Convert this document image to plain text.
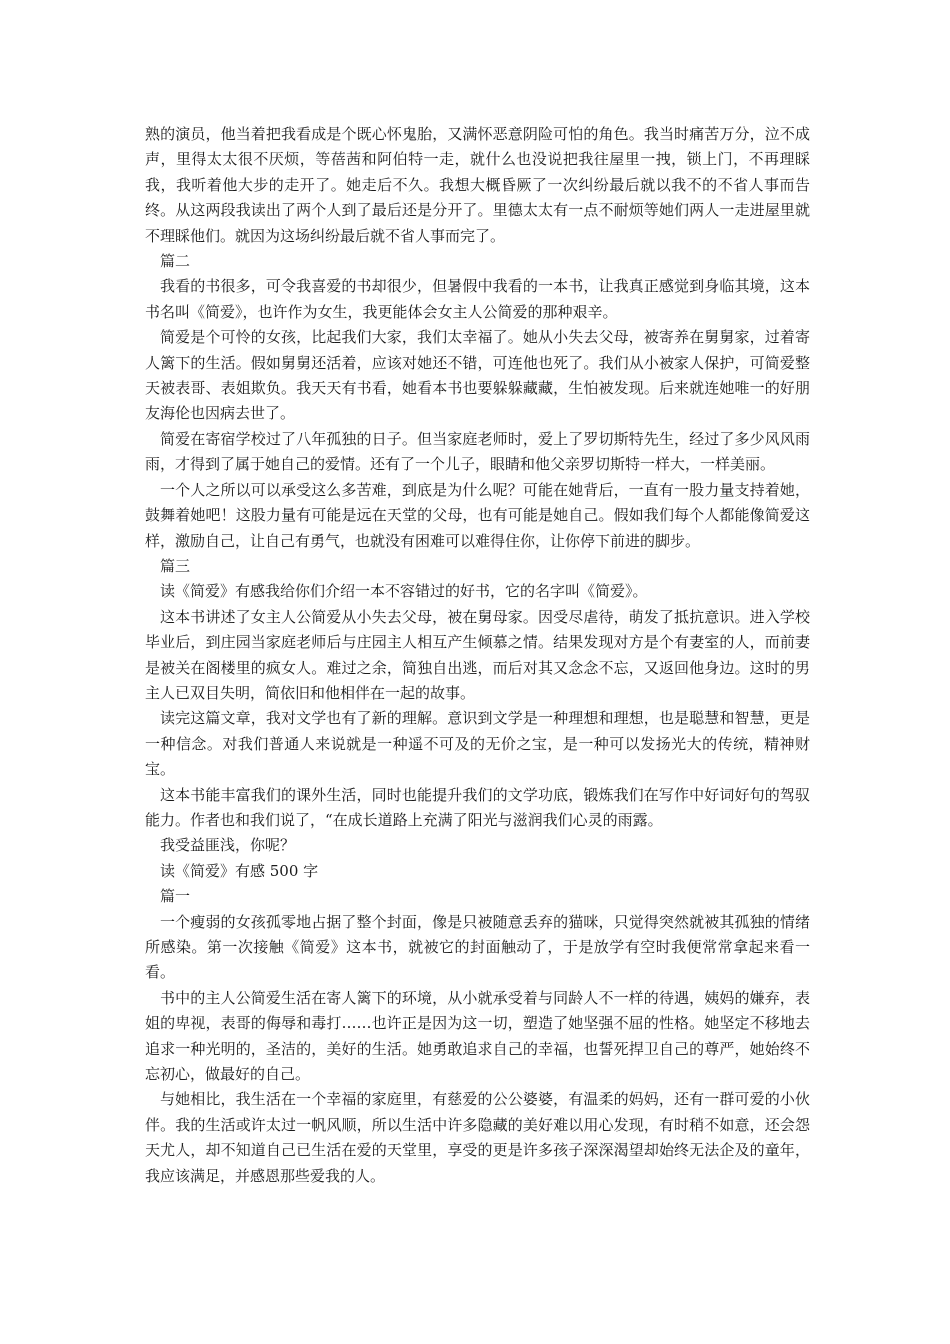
熟的演员，他当着把我看成是个既心怀鬼胎，又满怀恶意阴险可怕的角色。我当时痛苦万分，泣不成声，里得太太很不厌烦，等蓓茜和阿伯特一走，就什么也没说把我往屋里一拽，锁上门，不再理睬我，我听着他大步的走开了。她走后不久。我想大概昏厥了一次纠纷最后就以我不的不省人事而告终。从这两段我读出了两个人到了最后还是分开了。里德太太有一点不耐烦等她们两人一走进屋里就不理睬他们。就因为这场纠纷最后就不省人事而完了。

篇二

我看的书很多，可令我喜爱的书却很少，但暑假中我看的一本书，让我真正感觉到身临其境，这本书名叫《简爱》，也许作为女生，我更能体会女主人公简爱的那种艰辛。

简爱是个可怜的女孩，比起我们大家，我们太幸福了。她从小失去父母，被寄养在舅舅家，过着寄人篱下的生活。假如舅舅还活着，应该对她还不错，可连他也死了。我们从小被家人保护，可简爱整天被表哥、表姐欺负。我天天有书看，她看本书也要躲躲藏藏，生怕被发现。后来就连她唯一的好朋友海伦也因病去世了。

简爱在寄宿学校过了八年孤独的日子。但当家庭老师时，爱上了罗切斯特先生，经过了多少风风雨雨，才得到了属于她自己的爱情。还有了一个儿子，眼睛和他父亲罗切斯特一样大，一样美丽。

一个人之所以可以承受这么多苦难，到底是为什么呢？可能在她背后，一直有一股力量支持着她，鼓舞着她吧！这股力量有可能是远在天堂的父母，也有可能是她自己。假如我们每个人都能像简爱这样，激励自己，让自己有勇气，也就没有困难可以难得住你，让你停下前进的脚步。

篇三

读《简爱》有感我给你们介绍一本不容错过的好书，它的名字叫《简爱》。

这本书讲述了女主人公简爱从小失去父母，被在舅母家。因受尽虐待，萌发了抵抗意识。进入学校毕业后，到庄园当家庭老师后与庄园主人相互产生倾慕之情。结果发现对方是个有妻室的人，而前妻是被关在阁楼里的疯女人。难过之余，简独自出逃，而后对其又念念不忘，又返回他身边。这时的男主人已双目失明，简依旧和他相伴在一起的故事。

读完这篇文章，我对文学也有了新的理解。意识到文学是一种理想和理想，也是聪慧和智慧，更是一种信念。对我们普通人来说就是一种遥不可及的无价之宝，是一种可以发扬光大的传统，精神财宝。

这本书能丰富我们的课外生活，同时也能提升我们的文学功底，锻炼我们在写作中好词好句的驾驭能力。作者也和我们说了，“在成长道路上充满了阳光与滋润我们心灵的雨露。

我受益匪浅，你呢？

读《简爱》有感 500 字

篇一

一个瘦弱的女孩孤零地占据了整个封面，像是只被随意丢弃的猫咪，只觉得突然就被其孤独的情绪所感染。第一次接触《简爱》这本书，就被它的封面触动了，于是放学有空时我便常常拿起来看一看。

书中的主人公简爱生活在寄人篱下的环境，从小就承受着与同龄人不一样的待遇，姨妈的嫌弃，表姐的卑视，表哥的侮辱和毒打……也许正是因为这一切，塑造了她坚强不屈的性格。她坚定不移地去追求一种光明的，圣洁的，美好的生活。她勇敢追求自己的幸福，也誓死捍卫自己的尊严，她始终不忘初心，做最好的自己。

与她相比，我生活在一个幸福的家庭里，有慈爱的公公婆婆，有温柔的妈妈，还有一群可爱的小伙伴。我的生活或许太过一帆风顺，所以生活中许多隐藏的美好难以用心发现，有时稍不如意，还会怨天尤人，却不知道自己已生活在爱的天堂里，享受的更是许多孩子深深渴望却始终无法企及的童年，我应该满足，并感恩那些爱我的人。
